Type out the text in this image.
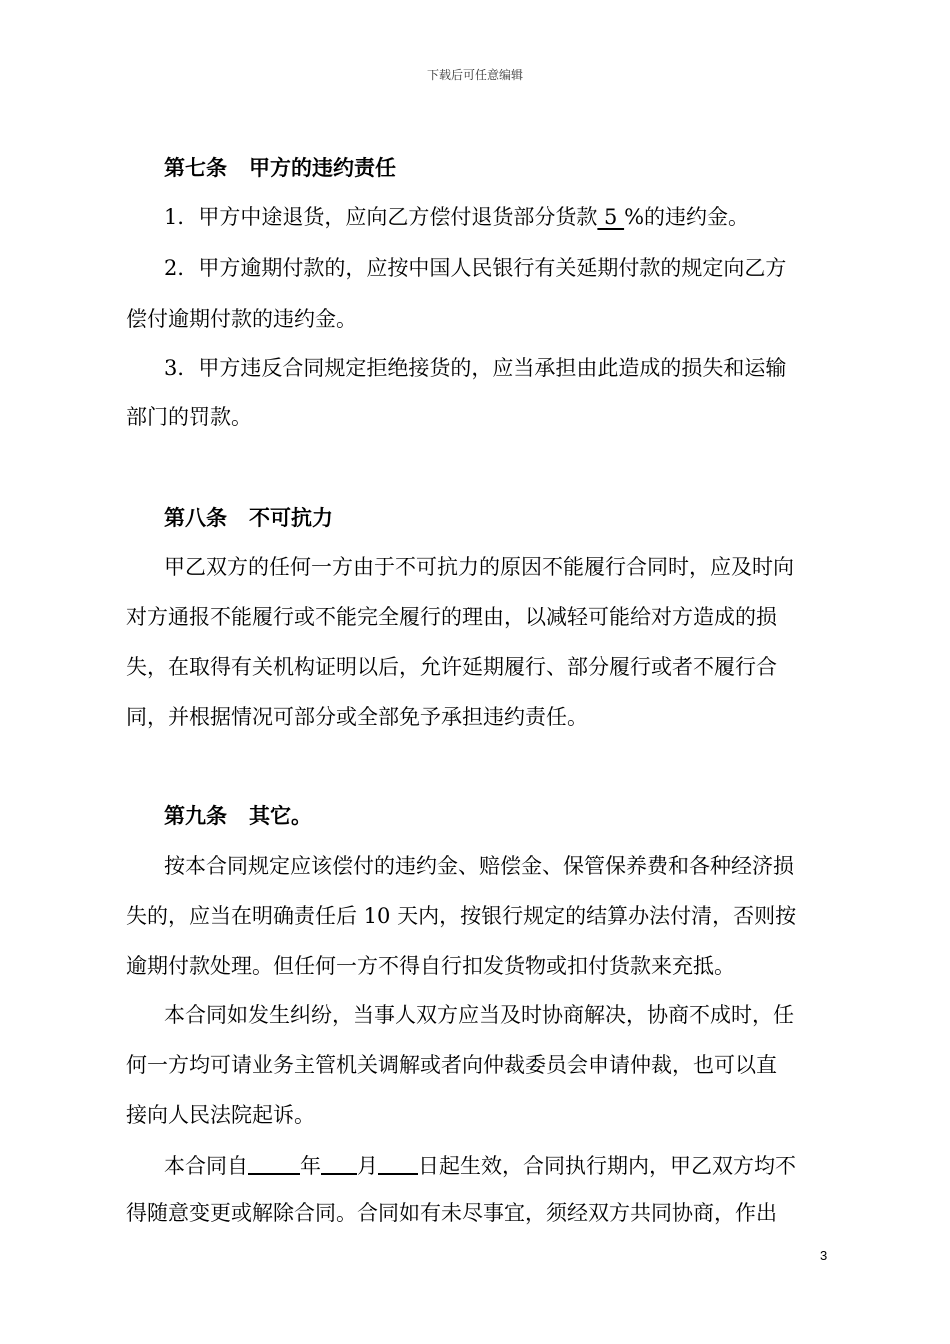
下载后可任意编辑
第七条 甲方的违约责任
1．甲方中途退货，应向乙方偿付退货部分货款 5 %的违约金。
2．甲方逾期付款的，应按中国人民银行有关延期付款的规定向乙方
偿付逾期付款的违约金。
3．甲方违反合同规定拒绝接货的，应当承担由此造成的损失和运输
部门的罚款。
第八条 不可抗力
甲乙双方的任何一方由于不可抗力的原因不能履行合同时，应及时向
对方通报不能履行或不能完全履行的理由，以减轻可能给对方造成的损
失，在取得有关机构证明以后，允许延期履行、部分履行或者不履行合
同，并根据情况可部分或全部免予承担违约责任。
第九条 其它。
按本合同规定应该偿付的违约金、赔偿金、保管保养费和各种经济损
失的，应当在明确责任后 10 天内，按银行规定的结算办法付清，否则按
逾期付款处理。但任何一方不得自行扣发货物或扣付货款来充抵。
本合同如发生纠纷，当事人双方应当及时协商解决，协商不成时，任
何一方均可请业务主管机关调解或者向仲裁委员会申请仲裁，也可以直
接向人民法院起诉。
本合同自 年 月 日起生效，合同执行期内，甲乙双方均不
得随意变更或解除合同。合同如有未尽事宜，须经双方共同协商，作出
3
